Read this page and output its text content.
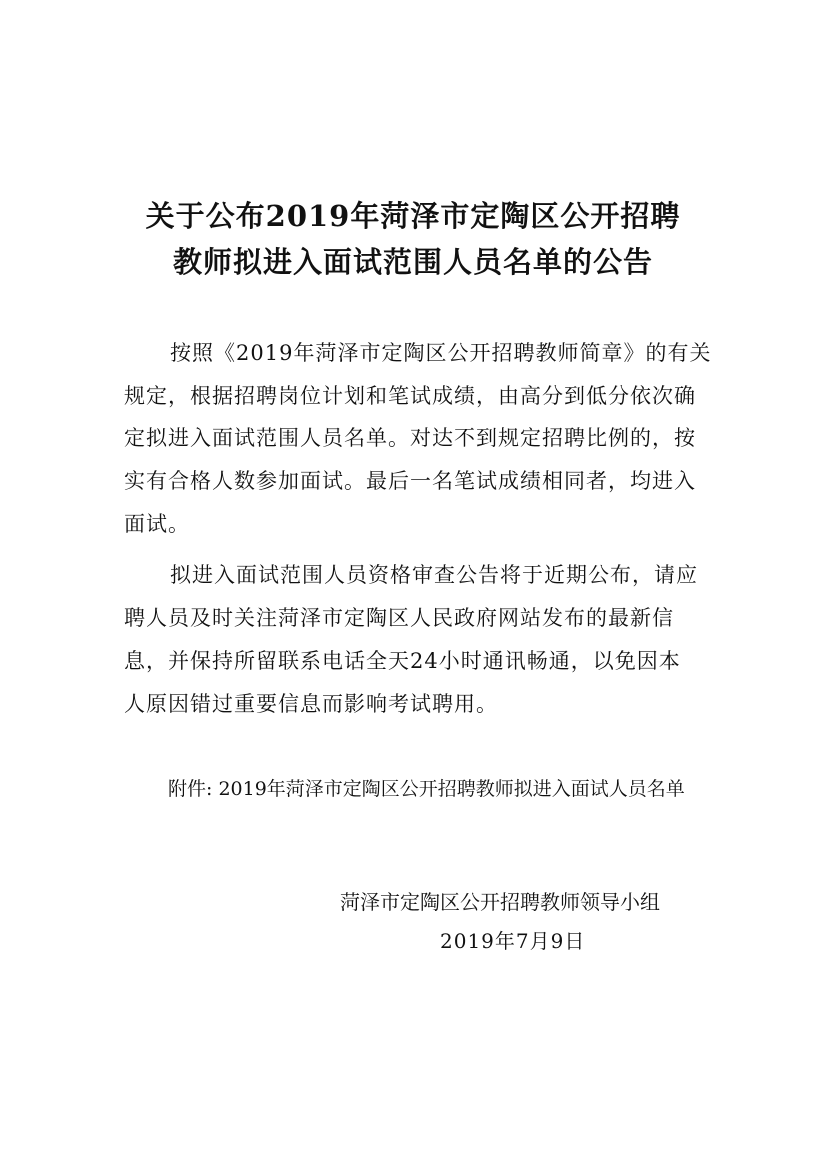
关于公布2019年菏泽市定陶区公开招聘
教师拟进入面试范围人员名单的公告
按照《2019年菏泽市定陶区公开招聘教师简章》的有关
规定，根据招聘岗位计划和笔试成绩，由高分到低分依次确
定拟进入面试范围人员名单。对达不到规定招聘比例的，按
实有合格人数参加面试。最后一名笔试成绩相同者，均进入
面试。
拟进入面试范围人员资格审查公告将于近期公布，请应
聘人员及时关注菏泽市定陶区人民政府网站发布的最新信
息，并保持所留联系电话全天24小时通讯畅通，以免因本
人原因错过重要信息而影响考试聘用。
附件: 2019年菏泽市定陶区公开招聘教师拟进入面试人员名单
菏泽市定陶区公开招聘教师领导小组
2019年7月9日
